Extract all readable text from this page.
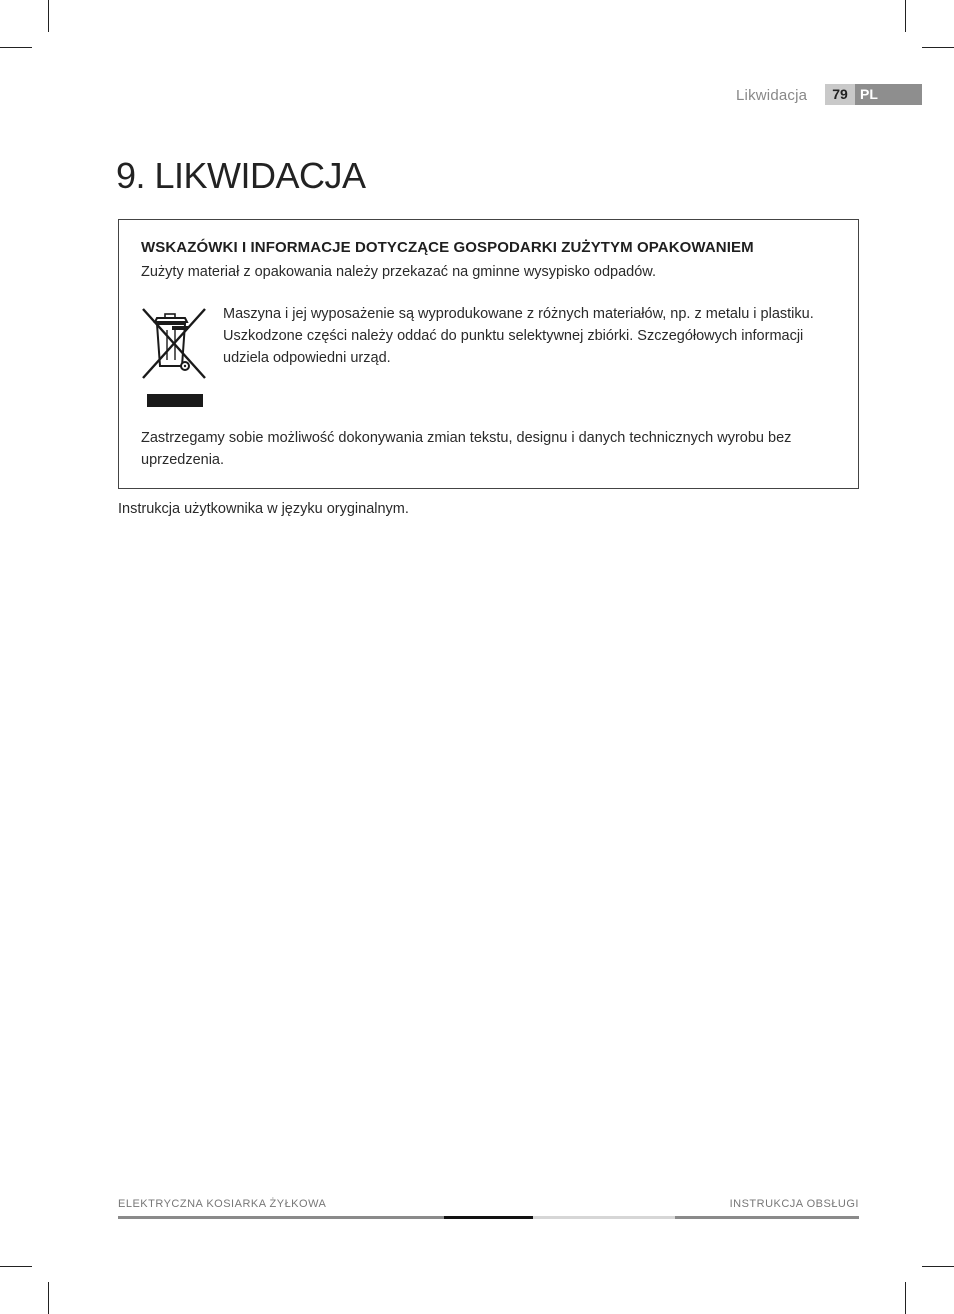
Likwidacja	79 PL
9. LIKWIDACJA

WSKAZÓWKI I INFORMACJE DOTYCZĄCE GOSPODARKI ZUŻYTYM OPAKOWANIEM

Zużyty materiał z opakowania należy przekazać na gminne wysypisko odpadów.

Maszyna i jej wyposażenie są wyprodukowane z różnych materiałów, np. z metalu i plastiku. Uszkodzone części należy oddać do punktu selektywnej zbiórki. Szczegółowych informacji udziela odpowiedni urząd.

Zastrzegamy sobie możliwość dokonywania zmian tekstu, designu i danych technicznych wyrobu bez uprzedzenia.

Instrukcja użytkownika w języku oryginalnym.

ELEKTRYCZNA KOSIARKA ŻYŁKOWA	INSTRUKCJA OBSŁUGI
